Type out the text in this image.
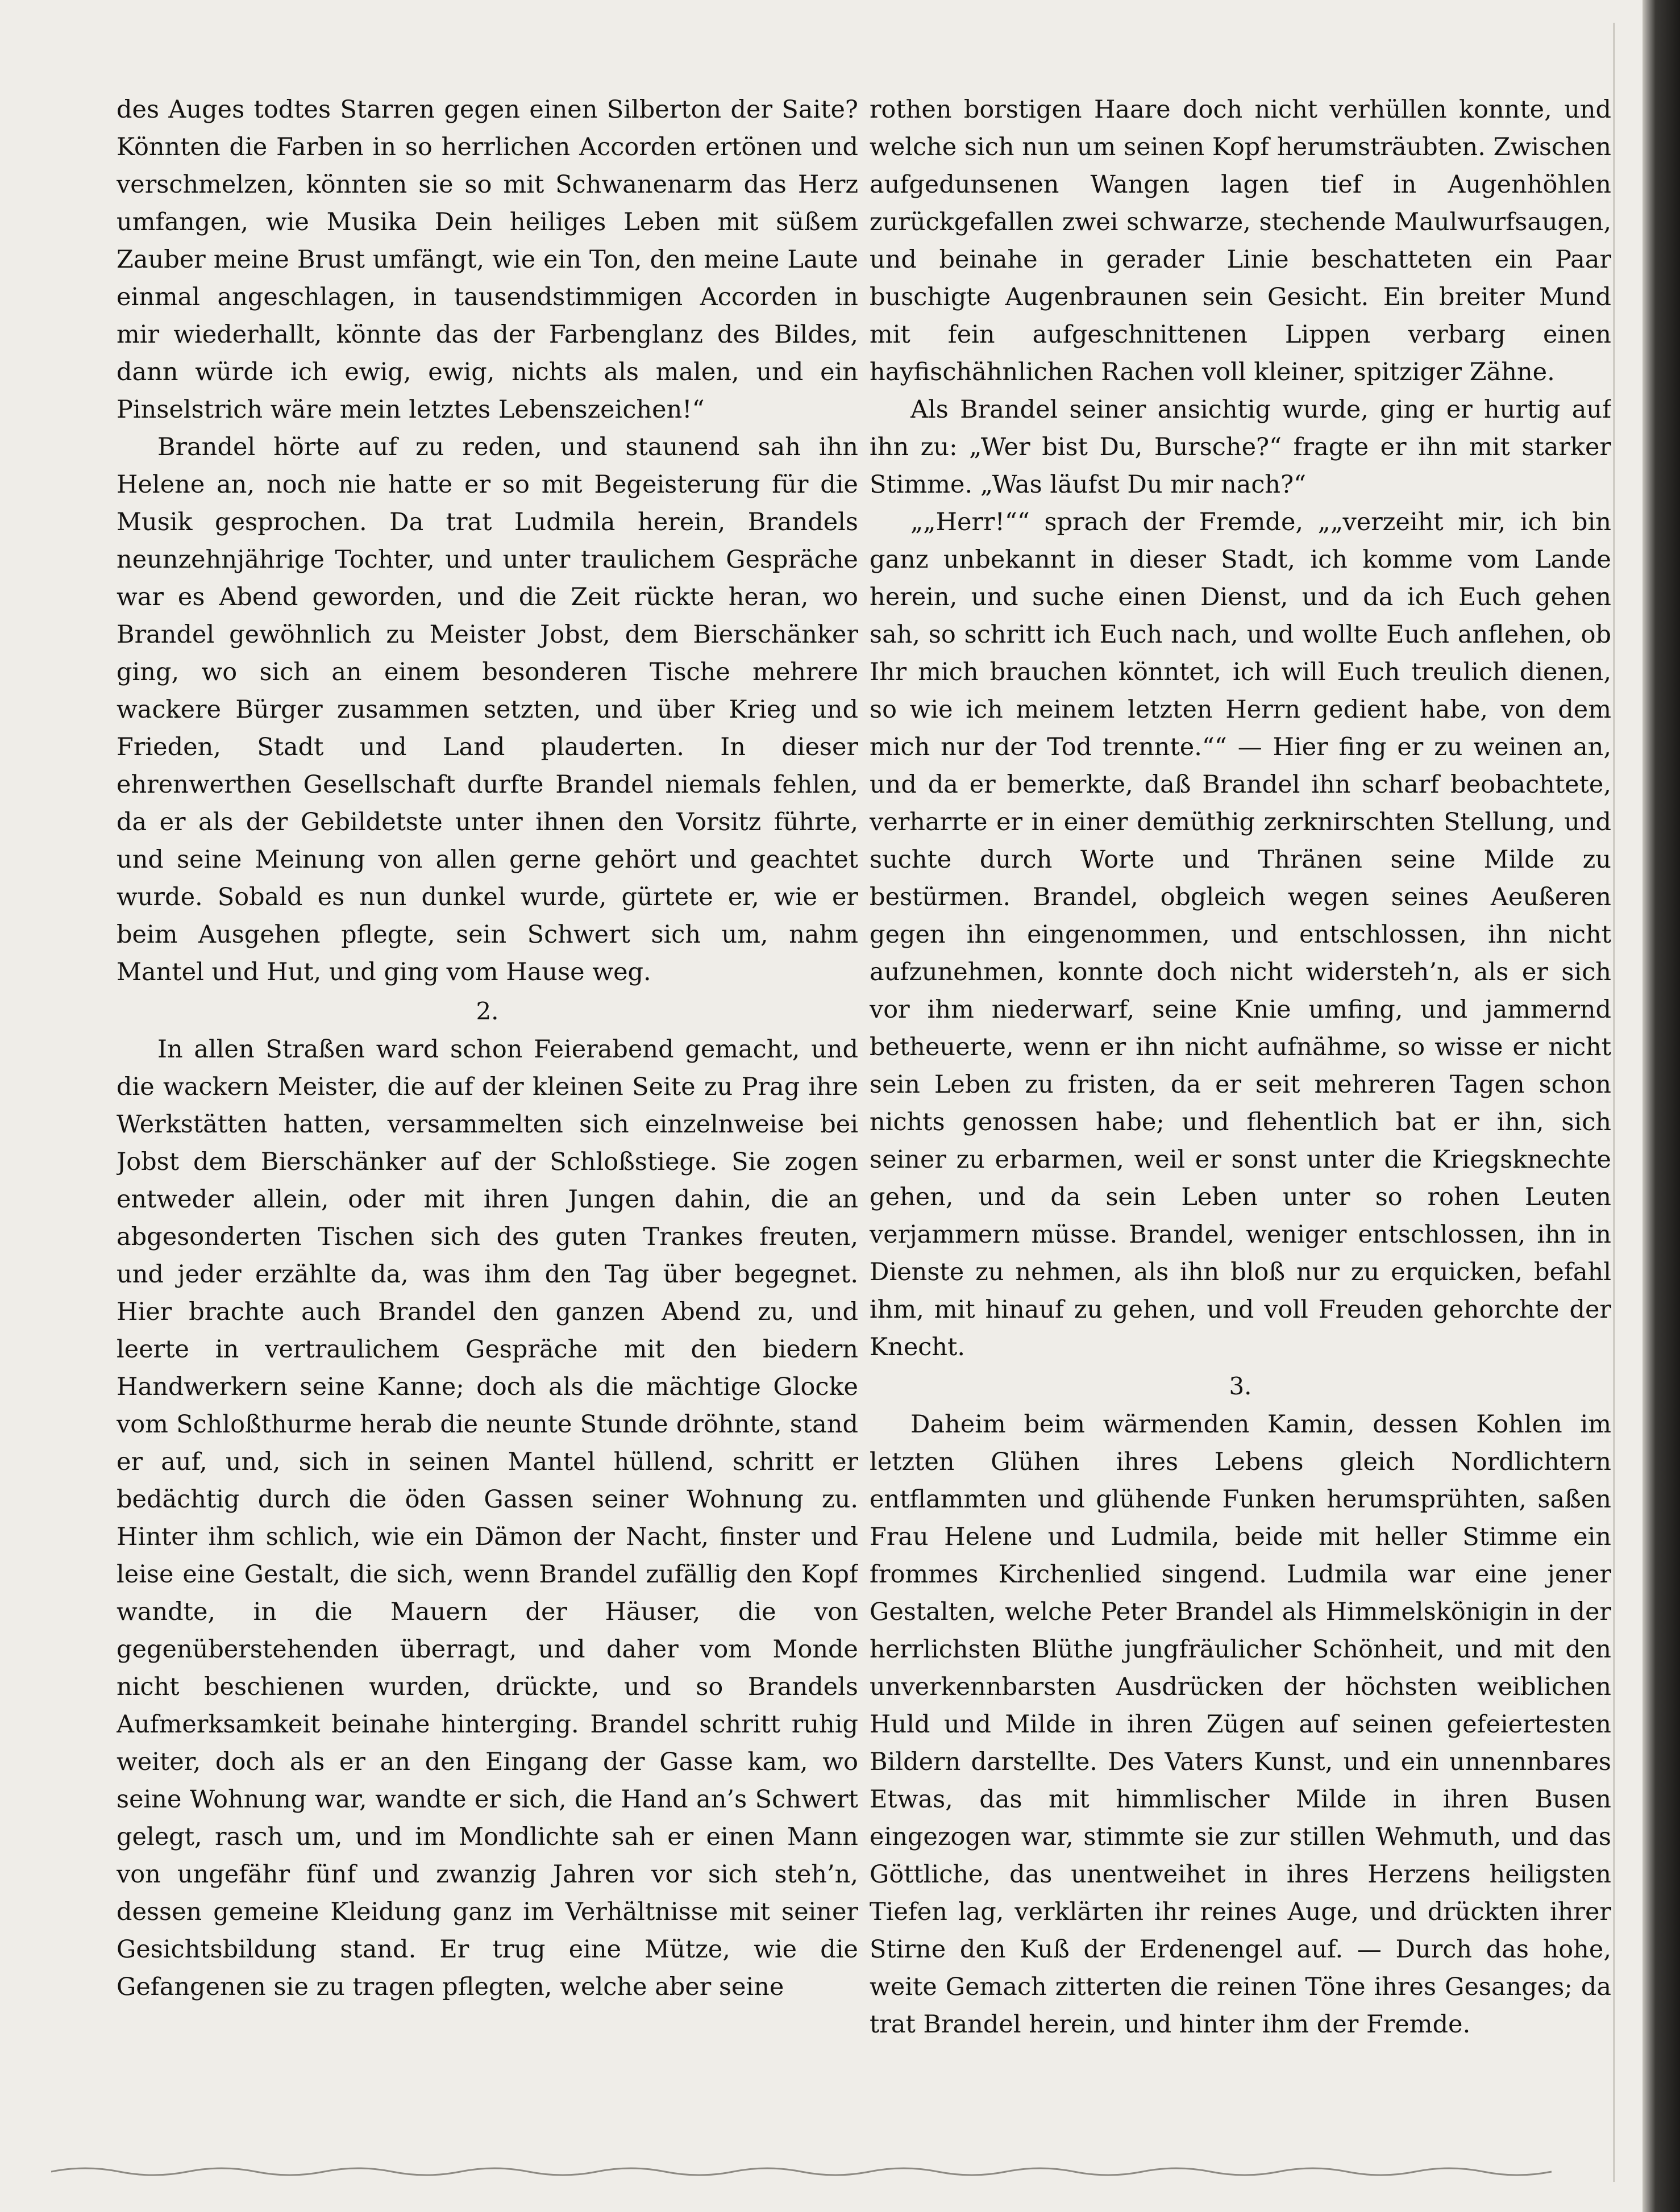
des Auges todtes Starren gegen einen Silberton der Saite? Könnten die Farben in so herrlichen Accorden ertönen und verschmelzen, könnten sie so mit Schwanenarm das Herz umfangen, wie Musika Dein heiliges Leben mit süßem Zauber meine Brust umfängt, wie ein Ton, den meine Laute einmal angeschlagen, in tausendstimmigen Accorden in mir wiederhallt, könnte das der Farbenglanz des Bildes, dann würde ich ewig, ewig, nichts als malen, und ein Pinselstrich wäre mein letztes Lebenszeichen!“

Brandel hörte auf zu reden, und staunend sah ihn Helene an, noch nie hatte er so mit Begeisterung für die Musik gesprochen. Da trat Ludmila herein, Brandels neunzehnjährige Tochter, und unter traulichem Gespräche war es Abend geworden, und die Zeit rückte heran, wo Brandel gewöhnlich zu Meister Jobst, dem Bierschänker ging, wo sich an einem besonderen Tische mehrere wackere Bürger zusammen setzten, und über Krieg und Frieden, Stadt und Land plauderten. In dieser ehrenwerthen Gesellschaft durfte Brandel niemals fehlen, da er als der Gebildetste unter ihnen den Vorsitz führte, und seine Meinung von allen gerne gehört und geachtet wurde. Sobald es nun dunkel wurde, gürtete er, wie er beim Ausgehen pflegte, sein Schwert sich um, nahm Mantel und Hut, und ging vom Hause weg.

2.

In allen Straßen ward schon Feierabend gemacht, und die wackern Meister, die auf der kleinen Seite zu Prag ihre Werkstätten hatten, versammelten sich einzelnweise bei Jobst dem Bierschänker auf der Schloßstiege. Sie zogen entweder allein, oder mit ihren Jungen dahin, die an abgesonderten Tischen sich des guten Trankes freuten, und jeder erzählte da, was ihm den Tag über begegnet. Hier brachte auch Brandel den ganzen Abend zu, und leerte in vertraulichem Gespräche mit den biedern Handwerkern seine Kanne; doch als die mächtige Glocke vom Schloßthurme herab die neunte Stunde dröhnte, stand er auf, und, sich in seinen Mantel hüllend, schritt er bedächtig durch die öden Gassen seiner Wohnung zu. Hinter ihm schlich, wie ein Dämon der Nacht, finster und leise eine Gestalt, die sich, wenn Brandel zufällig den Kopf wandte, in die Mauern der Häuser, die von gegenüberstehenden überragt, und daher vom Monde nicht beschienen wurden, drückte, und so Brandels Aufmerksamkeit beinahe hinterging. Brandel schritt ruhig weiter, doch als er an den Eingang der Gasse kam, wo seine Wohnung war, wandte er sich, die Hand an’s Schwert gelegt, rasch um, und im Mondlichte sah er einen Mann von ungefähr fünf und zwanzig Jahren vor sich steh’n, dessen gemeine Kleidung ganz im Verhältnisse mit seiner Gesichtsbildung stand. Er trug eine Mütze, wie die Gefangenen sie zu tragen pflegten, welche aber seine

rothen borstigen Haare doch nicht verhüllen konnte, und welche sich nun um seinen Kopf herumsträubten. Zwischen aufgedunsenen Wangen lagen tief in Augenhöhlen zurückgefallen zwei schwarze, stechende Maulwurfsaugen, und beinahe in gerader Linie beschatteten ein Paar buschigte Augenbraunen sein Gesicht. Ein breiter Mund mit fein aufgeschnittenen Lippen verbarg einen hayfischähnlichen Rachen voll kleiner, spitziger Zähne.

Als Brandel seiner ansichtig wurde, ging er hurtig auf ihn zu: „Wer bist Du, Bursche?“ fragte er ihn mit starker Stimme. „Was läufst Du mir nach?“

„„Herr!““ sprach der Fremde, „„verzeiht mir, ich bin ganz unbekannt in dieser Stadt, ich komme vom Lande herein, und suche einen Dienst, und da ich Euch gehen sah, so schritt ich Euch nach, und wollte Euch anflehen, ob Ihr mich brauchen könntet, ich will Euch treulich dienen, so wie ich meinem letzten Herrn gedient habe, von dem mich nur der Tod trennte.““ — Hier fing er zu weinen an, und da er bemerkte, daß Brandel ihn scharf beobachtete, verharrte er in einer demüthig zerknirschten Stellung, und suchte durch Worte und Thränen seine Milde zu bestürmen. Brandel, obgleich wegen seines Aeußeren gegen ihn eingenommen, und entschlossen, ihn nicht aufzunehmen, konnte doch nicht widersteh’n, als er sich vor ihm niederwarf, seine Knie umfing, und jammernd betheuerte, wenn er ihn nicht aufnähme, so wisse er nicht sein Leben zu fristen, da er seit mehreren Tagen schon nichts genossen habe; und flehentlich bat er ihn, sich seiner zu erbarmen, weil er sonst unter die Kriegsknechte gehen, und da sein Leben unter so rohen Leuten verjammern müsse. Brandel, weniger entschlossen, ihn in Dienste zu nehmen, als ihn bloß nur zu erquicken, befahl ihm, mit hinauf zu gehen, und voll Freuden gehorchte der Knecht.

3.

Daheim beim wärmenden Kamin, dessen Kohlen im letzten Glühen ihres Lebens gleich Nordlichtern entflammten und glühende Funken herumsprühten, saßen Frau Helene und Ludmila, beide mit heller Stimme ein frommes Kirchenlied singend. Ludmila war eine jener Gestalten, welche Peter Brandel als Himmelskönigin in der herrlichsten Blüthe jungfräulicher Schönheit, und mit den unverkennbarsten Ausdrücken der höchsten weiblichen Huld und Milde in ihren Zügen auf seinen gefeiertesten Bildern darstellte. Des Vaters Kunst, und ein unnennbares Etwas, das mit himmlischer Milde in ihren Busen eingezogen war, stimmte sie zur stillen Wehmuth, und das Göttliche, das unentweihet in ihres Herzens heiligsten Tiefen lag, verklärten ihr reines Auge, und drückten ihrer Stirne den Kuß der Erdenengel auf. — Durch das hohe, weite Gemach zitterten die reinen Töne ihres Gesanges; da trat Brandel herein, und hinter ihm der Fremde.
